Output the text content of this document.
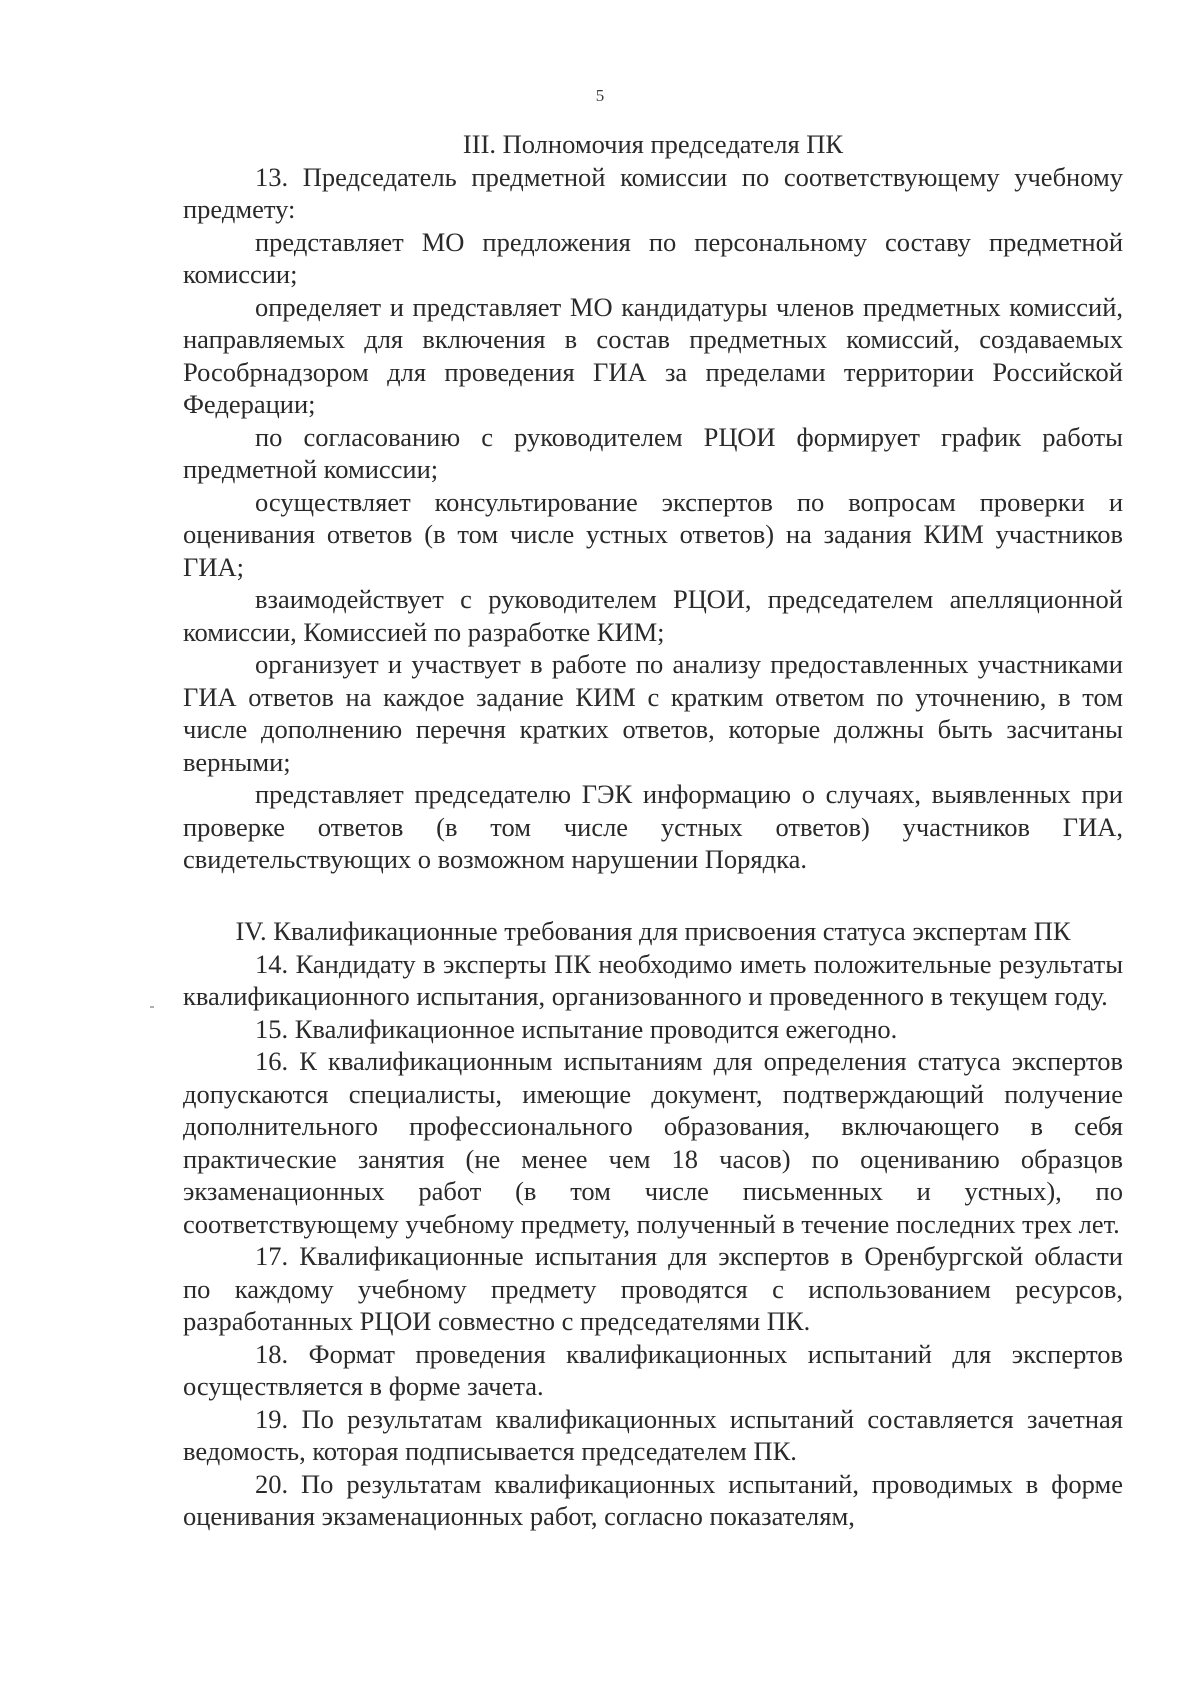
5
III. Полномочия председателя ПК

13. Председатель предметной комиссии по соответствующему учебному предмету:

представляет МО предложения по персональному составу предметной комиссии;

определяет и представляет МО кандидатуры членов предметных комиссий, направляемых для включения в состав предметных комиссий, создаваемых Рособрнадзором для проведения ГИА за пределами территории Российской Федерации;

по согласованию с руководителем РЦОИ формирует график работы предметной комиссии;

осуществляет консультирование экспертов по вопросам проверки и оценивания ответов (в том числе устных ответов) на задания КИМ участников ГИА;

взаимодействует с руководителем РЦОИ, председателем апелляционной комиссии, Комиссией по разработке КИМ;

организует и участвует в работе по анализу предоставленных участниками ГИА ответов на каждое задание КИМ с кратким ответом по уточнению, в том числе дополнению перечня кратких ответов, которые должны быть засчитаны верными;

представляет председателю ГЭК информацию о случаях, выявленных при проверке ответов (в том числе устных ответов) участников ГИА, свидетельствующих о возможном нарушении Порядка.

IV. Квалификационные требования для присвоения статуса экспертам ПК

14. Кандидату в эксперты ПК необходимо иметь положительные результаты квалификационного испытания, организованного и проведенного в текущем году.

15. Квалификационное испытание проводится ежегодно.

16. К квалификационным испытаниям для определения статуса экспертов допускаются специалисты, имеющие документ, подтверждающий получение дополнительного профессионального образования, включающего в себя практические занятия (не менее чем 18 часов) по оцениванию образцов экзаменационных работ (в том числе письменных и устных), по соответствующему учебному предмету, полученный в течение последних трех лет.

17. Квалификационные испытания для экспертов в Оренбургской области по каждому учебному предмету проводятся с использованием ресурсов, разработанных РЦОИ совместно с председателями ПК.

18. Формат проведения квалификационных испытаний для экспертов осуществляется в форме зачета.

19. По результатам квалификационных испытаний составляется зачетная ведомость, которая подписывается председателем ПК.

20. По результатам квалификационных испытаний, проводимых в форме оценивания экзаменационных работ, согласно показателям,
